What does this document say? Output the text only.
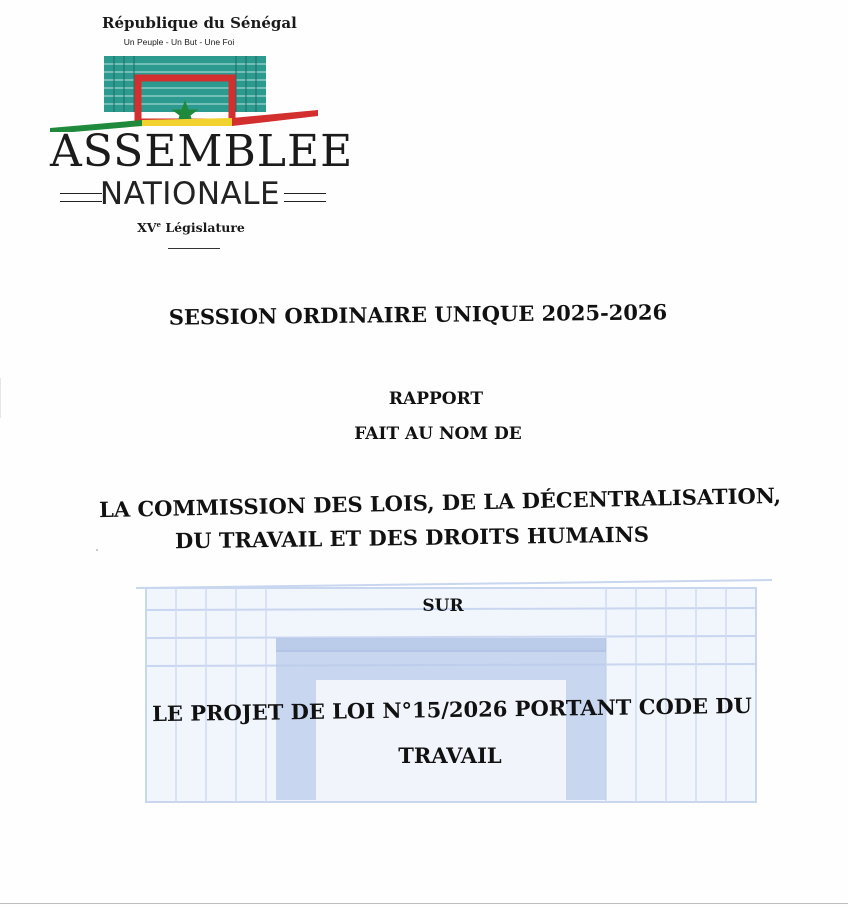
République du Sénégal
Un Peuple - Un But - Une Foi
ASSEMBLEE
NATIONALE
XVe Législature
SESSION ORDINAIRE UNIQUE 2025-2026
RAPPORT
FAIT AU NOM DE
LA COMMISSION DES LOIS, DE LA DÉCENTRALISATION,
DU TRAVAIL ET DES DROITS HUMAINS
SUR
LE PROJET DE LOI N°15/2026 PORTANT CODE DU
TRAVAIL
